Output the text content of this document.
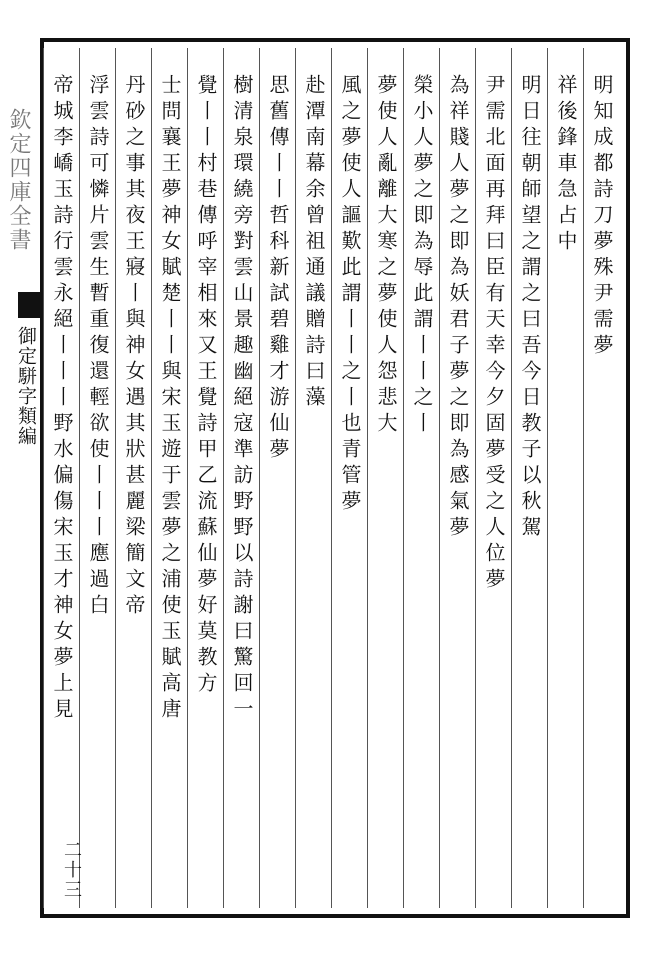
欽定四庫全書
御定駢字類編
明知成都詩刀夢殊尹需夢
祥後鋒車急占中
明日往朝師望之謂之曰吾今日教子以秋駕
尹需北面再拜曰臣有天幸今夕固夢受之人位夢
為祥賤人夢之即為妖君子夢之即為感氣夢
榮小人夢之即為辱此謂丨丨之丨
夢使人亂離大寒之夢使人怨悲大
風之夢使人謳歎此謂丨丨之丨也青管夢
赴潭南幕余曾祖通議贈詩曰藻
思舊傳丨丨哲科新試碧雞才游仙夢
樹清泉環繞旁對雲山景趣幽絕寇準訪野野以詩謝曰驚回一
覺丨丨村巷傳呼宰相來又王覺詩甲乙流蘇仙夢好莫教方
士問襄王夢神女賦楚丨丨與宋玉遊于雲夢之浦使玉賦高唐
丹砂之事其夜王寢丨與神女遇其狀甚麗梁簡文帝
浮雲詩可憐片雲生暫重復還輕欲使丨丨丨應過白
帝城李嶠玉詩行雲永絕丨丨丨野水偏傷宋玉才神女夢上見
二十三
